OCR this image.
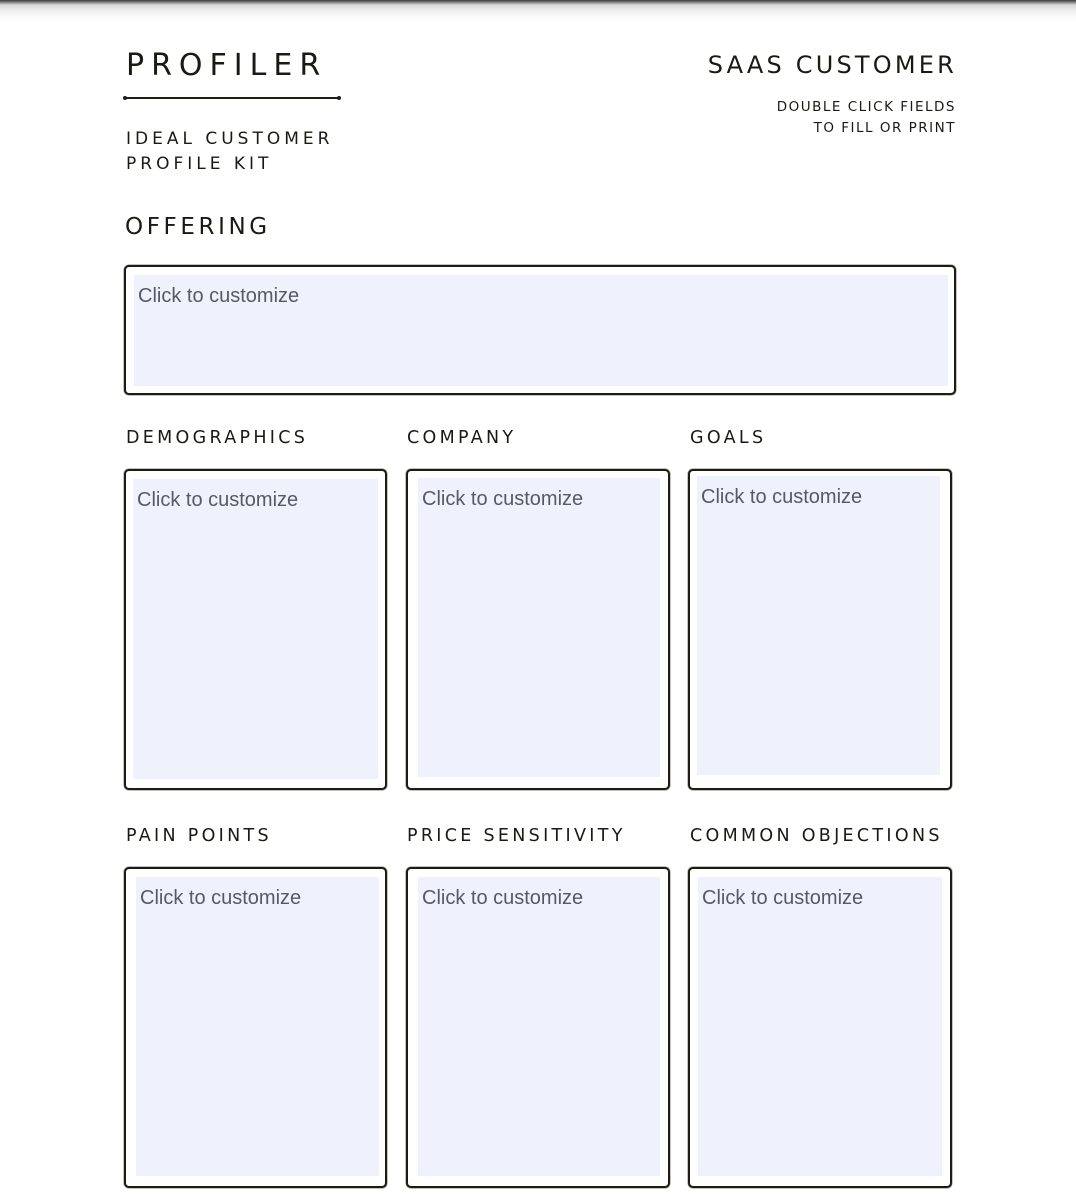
PROFILER
IDEAL CUSTOMER
PROFILE KIT
SAAS CUSTOMER
DOUBLE CLICK FIELDS
TO FILL OR PRINT
OFFERING
Click to customize
DEMOGRAPHICS	COMPANY	GOALS
Click to customize	Click to customize	Click to customize
PAIN POINTS	PRICE SENSITIVITY	COMMON OBJECTIONS
Click to customize	Click to customize	Click to customize
